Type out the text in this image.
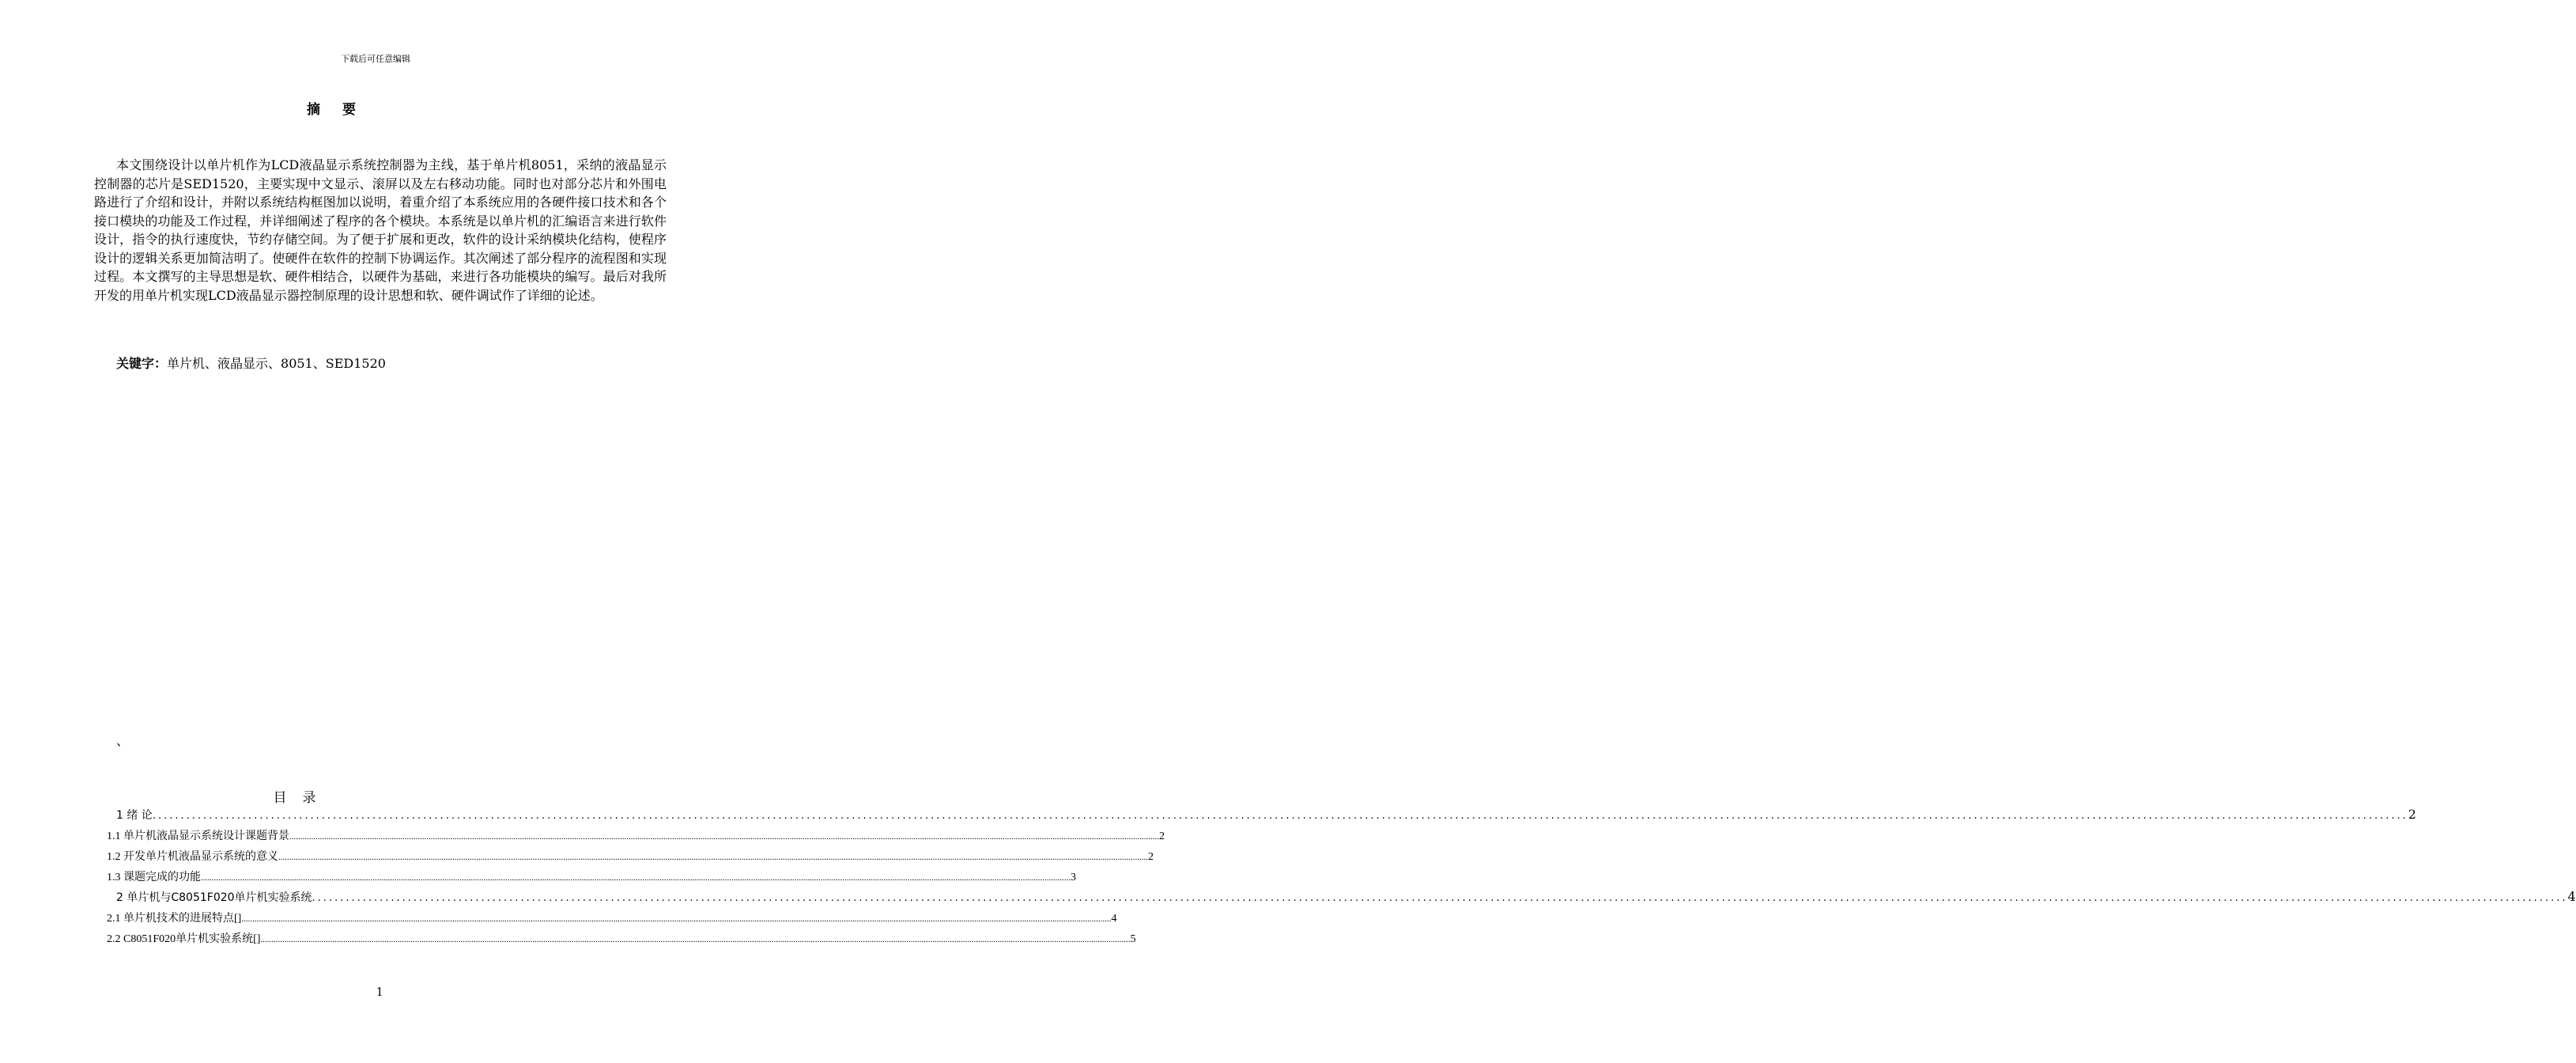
下载后可任意编辑
摘 要

本文围绕设计以单片机作为LCD液晶显示系统控制器为主线，基于单片机8051，采纳的液晶显示控制器的芯片是SED1520，主要实现中文显示、滚屏以及左右移动功能。同时也对部分芯片和外围电路进行了介绍和设计，并附以系统结构框图加以说明，着重介绍了本系统应用的各硬件接口技术和各个接口模块的功能及工作过程，并详细阐述了程序的各个模块。本系统是以单片机的汇编语言来进行软件设计，指令的执行速度快，节约存储空间。为了便于扩展和更改，软件的设计采纳模块化结构，使程序设计的逻辑关系更加简洁明了。使硬件在软件的控制下协调运作。其次阐述了部分程序的流程图和实现过程。本文撰写的主导思想是软、硬件相结合，以硬件为基础，来进行各功能模块的编写。最后对我所开发的用单片机实现LCD液晶显示器控制原理的设计思想和软、硬件调试作了详细的论述。

关键字：单片机、液晶显示、8051、SED1520
、
目 录
1 绪 论 ................................................................................................................................................................................................................................................................................................................................................................................................................ 2
1.1 单片机液晶显示系统设计课题背景 ................................................................................................................................................................................................................................................................................................................................................................................................................ 2
1.2 开发单片机液晶显示系统的意义 ................................................................................................................................................................................................................................................................................................................................................................................................................ 2
1.3 课题完成的功能 ................................................................................................................................................................................................................................................................................................................................................................................................................ 3
2 单片机与C8051F020单片机实验系统 ................................................................................................................................................................................................................................................................................................................................................................................................................ 4
2.1 单片机技术的进展特点[] ................................................................................................................................................................................................................................................................................................................................................................................................................ 4
2.2 C8051F020单片机实验系统[] ................................................................................................................................................................................................................................................................................................................................................................................................................ 5
1
